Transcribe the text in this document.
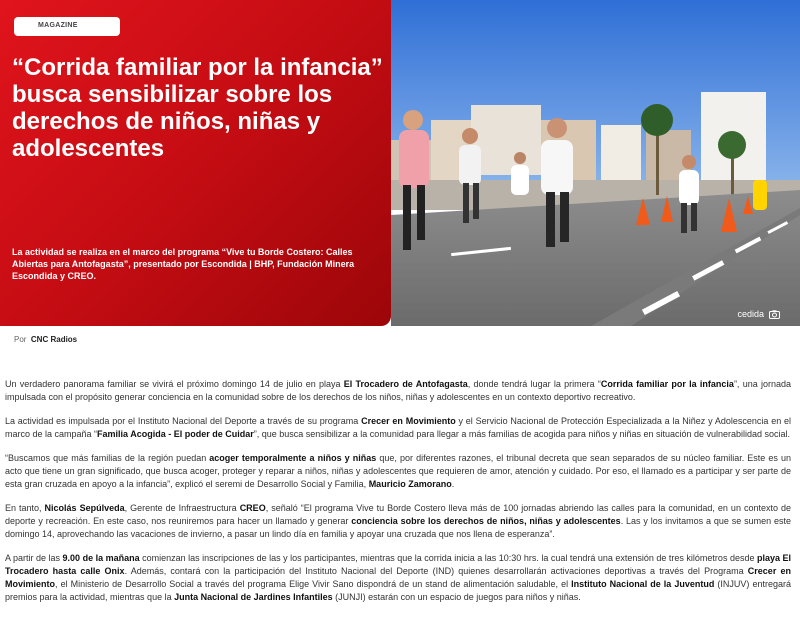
MAGAZINE
“Corrida familiar por la infancia” busca sensibilizar sobre los derechos de niños, niñas y adolescentes

La actividad se realiza en el marco del programa “Vive tu Borde Costero: Calles Abiertas para Antofagasta”, presentado por Escondida | BHP, Fundación Minera Escondida y CREO.

cedida
Por CNC Radios

Un verdadero panorama familiar se vivirá el próximo domingo 14 de julio en playa El Trocadero de Antofagasta, donde tendrá lugar la primera “Corrida familiar por la infancia”, una jornada impulsada con el propósito generar conciencia en la comunidad sobre de los derechos de los niños, niñas y adolescentes en un contexto deportivo recreativo.

La actividad es impulsada por el Instituto Nacional del Deporte a través de su programa Crecer en Movimiento y el Servicio Nacional de Protección Especializada a la Niñez y Adolescencia en el marco de la campaña “Familia Acogida - El poder de Cuidar”, que busca sensibilizar a la comunidad para llegar a más familias de acogida para niños y niñas en situación de vulnerabilidad social.

“Buscamos que más familias de la región puedan acoger temporalmente a niños y niñas que, por diferentes razones, el tribunal decreta que sean separados de su núcleo familiar. Este es un acto que tiene un gran significado, que busca acoger, proteger y reparar a niños, niñas y adolescentes que requieren de amor, atención y cuidado. Por eso, el llamado es a participar y ser parte de esta gran cruzada en apoyo a la infancia”, explicó el seremi de Desarrollo Social y Familia, Mauricio Zamorano.

En tanto, Nicolás Sepúlveda, Gerente de Infraestructura CREO, señaló “El programa Vive tu Borde Costero lleva más de 100 jornadas abriendo las calles para la comunidad, en un contexto de deporte y recreación. En este caso, nos reuniremos para hacer un llamado y generar conciencia sobre los derechos de niños, niñas y adolescentes. Las y los invitamos a que se sumen este domingo 14, aprovechando las vacaciones de invierno, a pasar un lindo día en familia y apoyar una cruzada que nos llena de esperanza”.

A partir de las 9.00 de la mañana comienzan las inscripciones de las y los participantes, mientras que la corrida inicia a las 10:30 hrs. la cual tendrá una extensión de tres kilómetros desde playa El Trocadero hasta calle Onix. Además, contará con la participación del Instituto Nacional del Deporte (IND) quienes desarrollarán activaciones deportivas a través del Programa Crecer en Movimiento, el Ministerio de Desarrollo Social a través del programa Elige Vivir Sano dispondrá de un stand de alimentación saludable, el Instituto Nacional de la Juventud (INJUV) entregará premios para la actividad, mientras que la Junta Nacional de Jardines Infantiles (JUNJI) estarán con un espacio de juegos para niños y niñas.
